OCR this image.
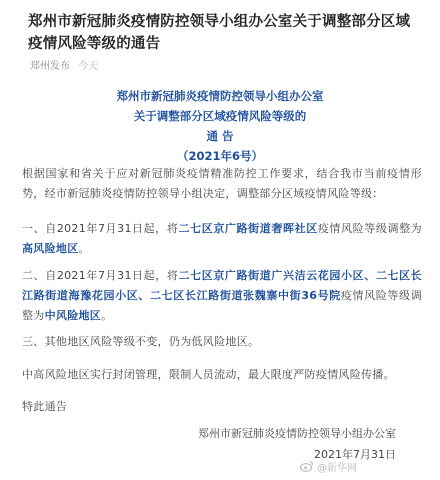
郑州市新冠肺炎疫情防控领导小组办公室关于调整部分区域疫情风险等级的通告
郑州发布 今天
郑州市新冠肺炎疫情防控领导小组办公室
关于调整部分区域疫情风险等级的
通 告
（2021年6号）
根据国家和省关于应对新冠肺炎疫情精准防控工作要求，结合我市当前疫情形势，经市新冠肺炎疫情防控领导小组决定，调整部分区域疫情风险等级：
一、自2021年7月31日起，将二七区京广路街道奢晖社区疫情风险等级调整为高风险地区。
二、自2021年7月31日起，将二七区京广路街道广兴洁云花园小区、二七区长江路街道海豫花园小区、二七区长江路街道张魏寨中街36号院疫情风险等级调整为中风险地区。
三、其他地区风险等级不变，仍为低风险地区。
中高风险地区实行封闭管理，限制人员流动，最大限度严防疫情风险传播。
特此通告
郑州市新冠肺炎疫情防控领导小组办公室
2021年7月31日
@新华网
